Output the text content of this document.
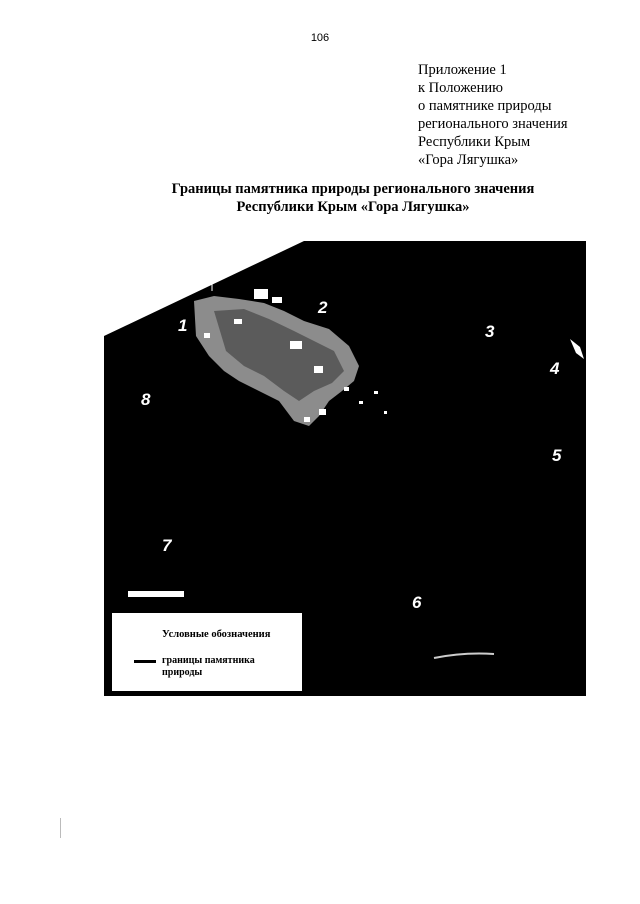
106
Приложение 1
к Положению
о памятнике природы
регионального значения
Республики Крым
«Гора Лягушка»
Границы памятника природы регионального значения
Республики Крым «Гора Лягушка»
1
2
3
4
5
6
7
8
Условные обозначения
границы памятника природы
